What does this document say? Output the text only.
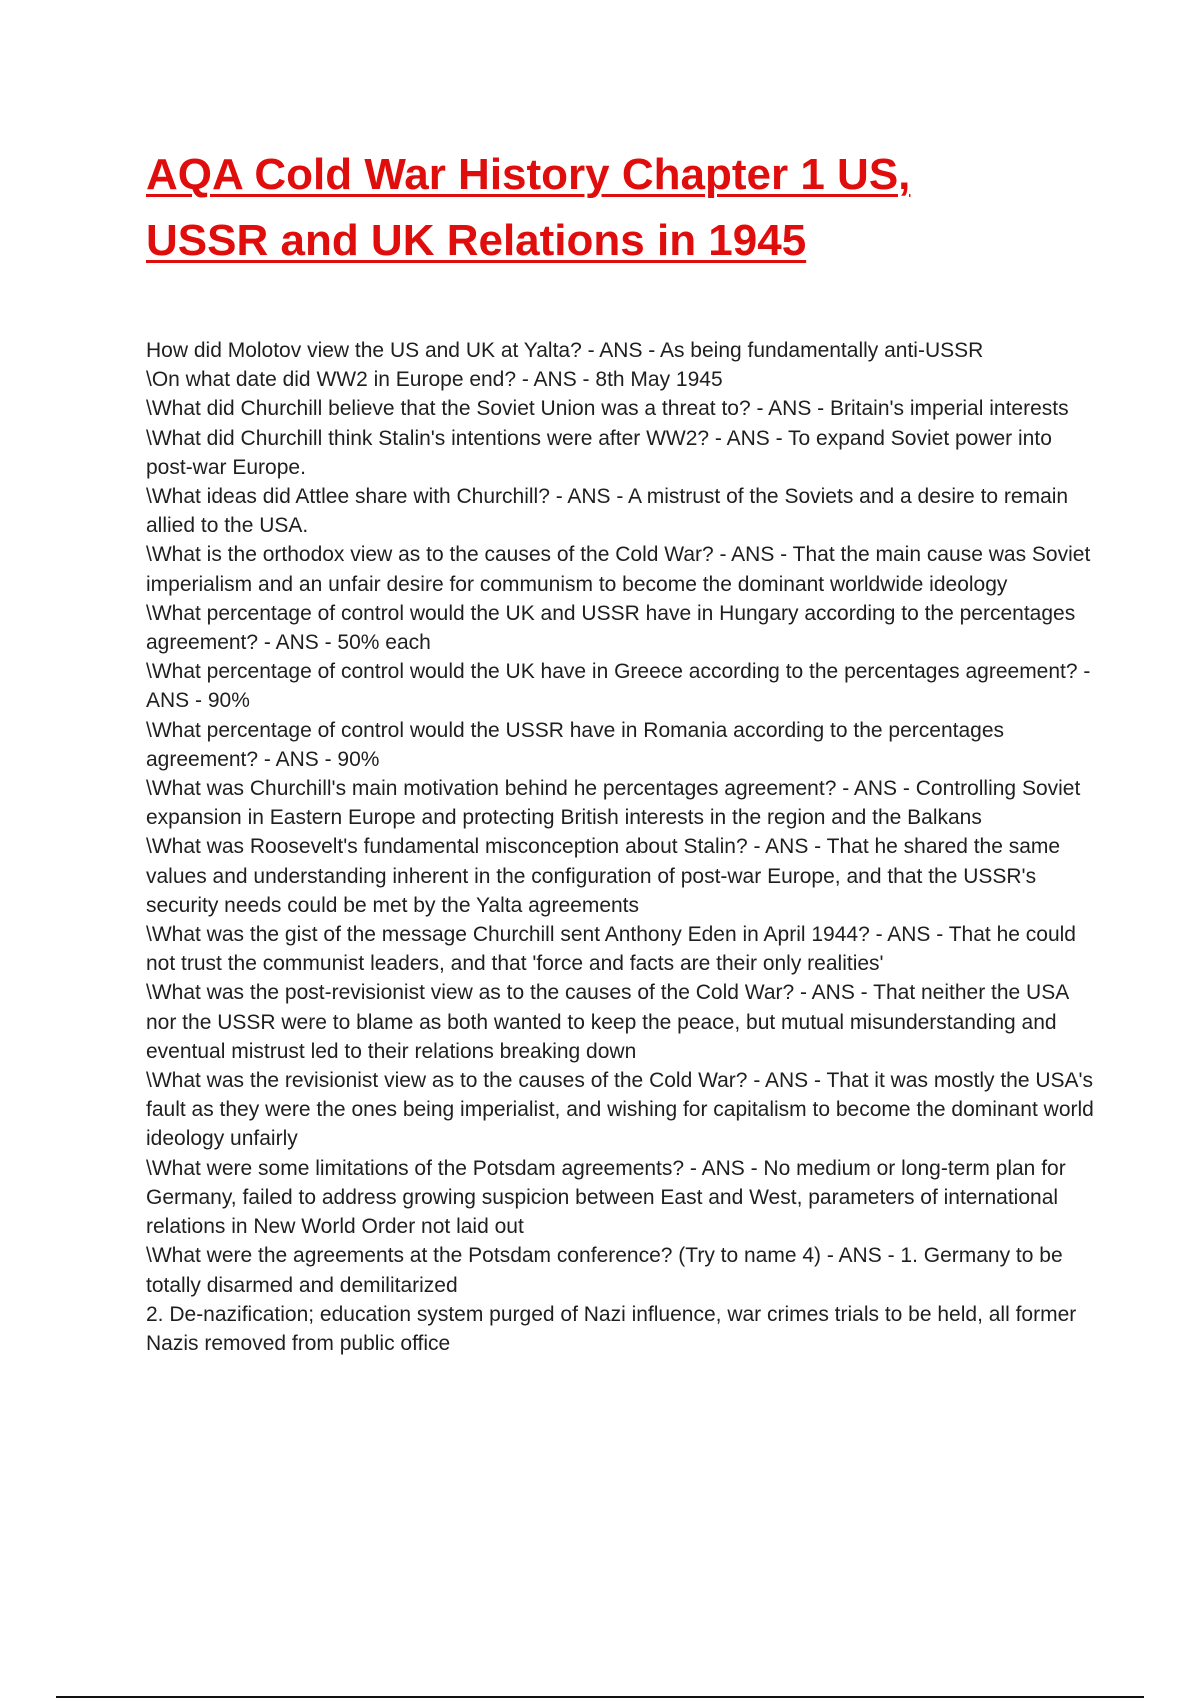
AQA Cold War History Chapter 1 US,
USSR and UK Relations in 1945

How did Molotov view the US and UK at Yalta? - ANS - As being fundamentally anti-USSR

\On what date did WW2 in Europe end? - ANS - 8th May 1945

\What did Churchill believe that the Soviet Union was a threat to? - ANS - Britain's imperial interests

\What did Churchill think Stalin's intentions were after WW2? - ANS - To expand Soviet power into post-war Europe.

\What ideas did Attlee share with Churchill? - ANS - A mistrust of the Soviets and a desire to remain allied to the USA.

\What is the orthodox view as to the causes of the Cold War? - ANS - That the main cause was Soviet imperialism and an unfair desire for communism to become the dominant worldwide ideology

\What percentage of control would the UK and USSR have in Hungary according to the percentages agreement? - ANS - 50% each

\What percentage of control would the UK have in Greece according to the percentages agreement? - ANS - 90%

\What percentage of control would the USSR have in Romania according to the percentages agreement? - ANS - 90%

\What was Churchill's main motivation behind he percentages agreement? - ANS - Controlling Soviet expansion in Eastern Europe and protecting British interests in the region and the Balkans

\What was Roosevelt's fundamental misconception about Stalin? - ANS - That he shared the same values and understanding inherent in the configuration of post-war Europe, and that the USSR's security needs could be met by the Yalta agreements

\What was the gist of the message Churchill sent Anthony Eden in April 1944? - ANS - That he could not trust the communist leaders, and that 'force and facts are their only realities'

\What was the post-revisionist view as to the causes of the Cold War? - ANS - That neither the USA nor the USSR were to blame as both wanted to keep the peace, but mutual misunderstanding and eventual mistrust led to their relations breaking down

\What was the revisionist view as to the causes of the Cold War? - ANS - That it was mostly the USA's fault as they were the ones being imperialist, and wishing for capitalism to become the dominant world ideology unfairly

\What were some limitations of the Potsdam agreements? - ANS - No medium or long-term plan for Germany, failed to address growing suspicion between East and West, parameters of international relations in New World Order not laid out

\What were the agreements at the Potsdam conference? (Try to name 4) - ANS - 1. Germany to be totally disarmed and demilitarized

2. De-nazification; education system purged of Nazi influence, war crimes trials to be held, all former Nazis removed from public office
